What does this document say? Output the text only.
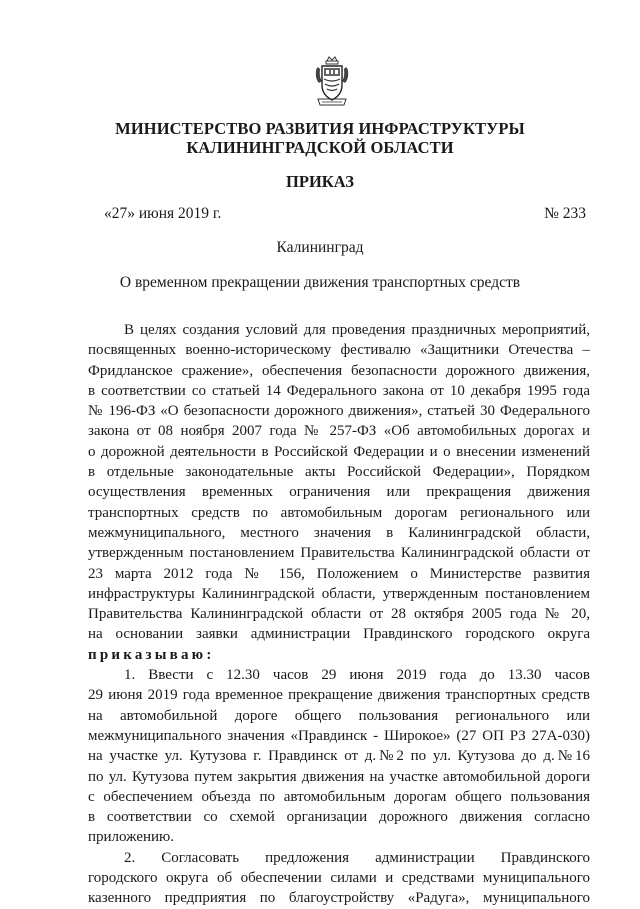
МИНИСТЕРСТВО РАЗВИТИЯ ИНФРАСТРУКТУРЫ
КАЛИНИНГРАДСКОЙ ОБЛАСТИ
ПРИКАЗ
«27» июня 2019 г.	№ 233
Калининград
О временном прекращении движения транспортных средств

В целях создания условий для проведения праздничных мероприятий,

посвященных военно-историческому фестивалю «Защитники Отечества –

Фридланское сражение», обеспечения безопасности дорожного движения,

в соответствии со статьей 14 Федерального закона от 10 декабря 1995 года

№ 196-ФЗ «О безопасности дорожного движения», статьей 30 Федерального

закона от 08 ноября 2007 года № 257-ФЗ «Об автомобильных дорогах и

о дорожной деятельности в Российской Федерации и о внесении изменений

в отдельные законодательные акты Российской Федерации», Порядком

осуществления временных ограничения или прекращения движения

транспортных средств по автомобильным дорогам регионального или

межмуниципального, местного значения в Калининградской области,

утвержденным постановлением Правительства Калининградской области от

23 марта 2012 года № 156, Положением о Министерстве развития

инфраструктуры Калининградской области, утвержденным постановлением

Правительства Калининградской области от 28 октября 2005 года № 20,

на основании заявки администрации Правдинского городского округа

приказываю:

1. Ввести с 12.30 часов 29 июня 2019 года до 13.30 часов

29 июня 2019 года временное прекращение движения транспортных средств

на автомобильной дороге общего пользования регионального или

межмуниципального значения «Правдинск - Широкое» (27 ОП РЗ 27А-030)

на участке ул. Кутузова г. Правдинск от д.№2 по ул. Кутузова до д.№16

по ул. Кутузова путем закрытия движения на участке автомобильной дороги

с обеспечением объезда по автомобильным дорогам общего пользования

в соответствии со схемой организации дорожного движения согласно

приложению.

2. Согласовать предложения администрации Правдинского

городского округа об обеспечении силами и средствами муниципального

казенного предприятия по благоустройству «Радуга», муниципального
